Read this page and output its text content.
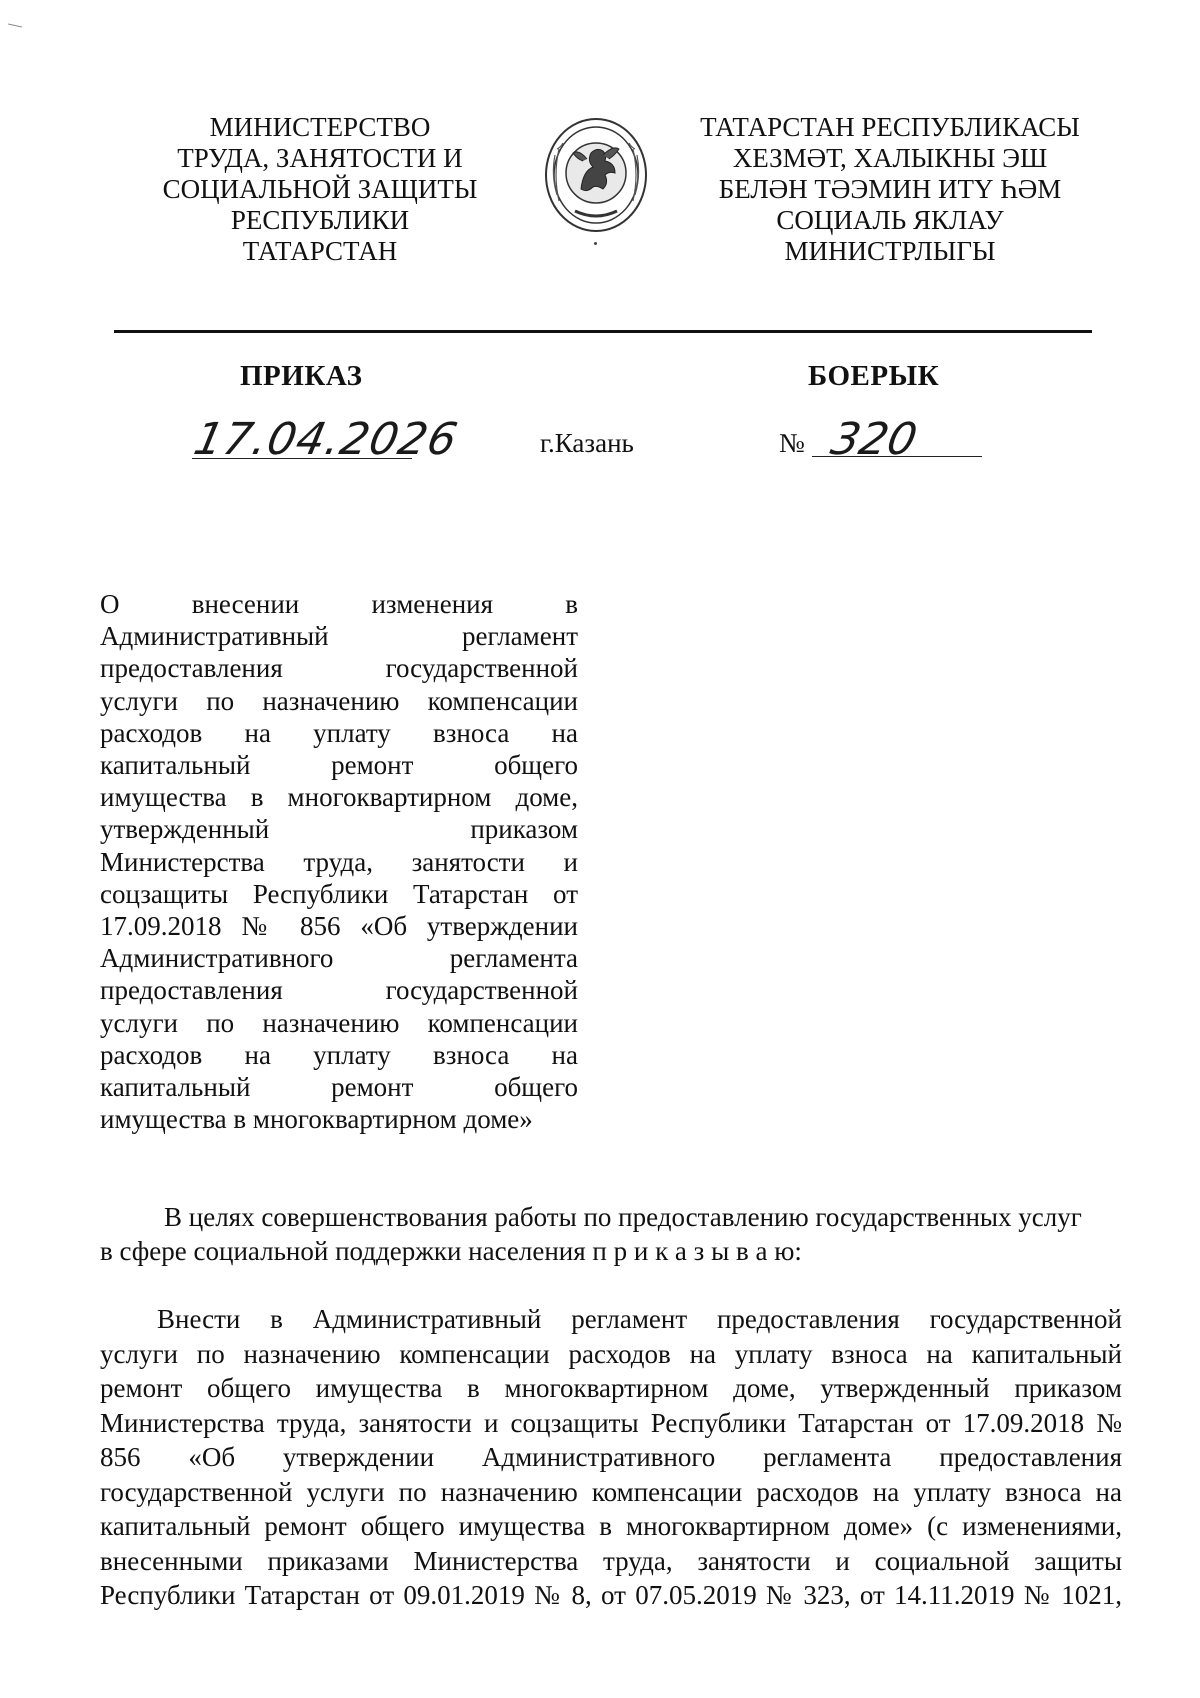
МИНИСТЕРСТВО
ТРУДА, ЗАНЯТОСТИ И
СОЦИАЛЬНОЙ ЗАЩИТЫ
РЕСПУБЛИКИ
ТАТАРСТАН
ТАТАРСТАН РЕСПУБЛИКАСЫ
ХЕЗМӘТ, ХАЛЫКНЫ ЭШ
БЕЛӘН ТӘЭМИН ИТҮ ҺӘМ
СОЦИАЛЬ ЯКЛАУ
МИНИСТРЛЫГЫ
ПРИКАЗ	БОЕРЫК
17.04.2026	г.Казань	№ 320
О внесении изменения в
Административный регламент
предоставления государственной
услуги по назначению компенсации
расходов на уплату взноса на
капитальный ремонт общего
имущества в многоквартирном доме,
утвержденный приказом
Министерства труда, занятости и
соцзащиты Республики Татарстан от
17.09.2018 № 856 «Об утверждении
Административного регламента
предоставления государственной
услуги по назначению компенсации
расходов на уплату взноса на
капитальный ремонт общего
имущества в многоквартирном доме»
В целях совершенствования работы по предоставлению государственных услуг
в сфере социальной поддержки населения п р и к а з ы в а ю:
Внести в Административный регламент предоставления государственной
услуги по назначению компенсации расходов на уплату взноса на капитальный
ремонт общего имущества в многоквартирном доме, утвержденный приказом
Министерства труда, занятости и соцзащиты Республики Татарстан от 17.09.2018 №
856 «Об утверждении Административного регламента предоставления
государственной услуги по назначению компенсации расходов на уплату взноса на
капитальный ремонт общего имущества в многоквартирном доме» (с изменениями,
внесенными приказами Министерства труда, занятости и социальной защиты
Республики Татарстан от 09.01.2019 № 8, от 07.05.2019 № 323, от 14.11.2019 № 1021,
